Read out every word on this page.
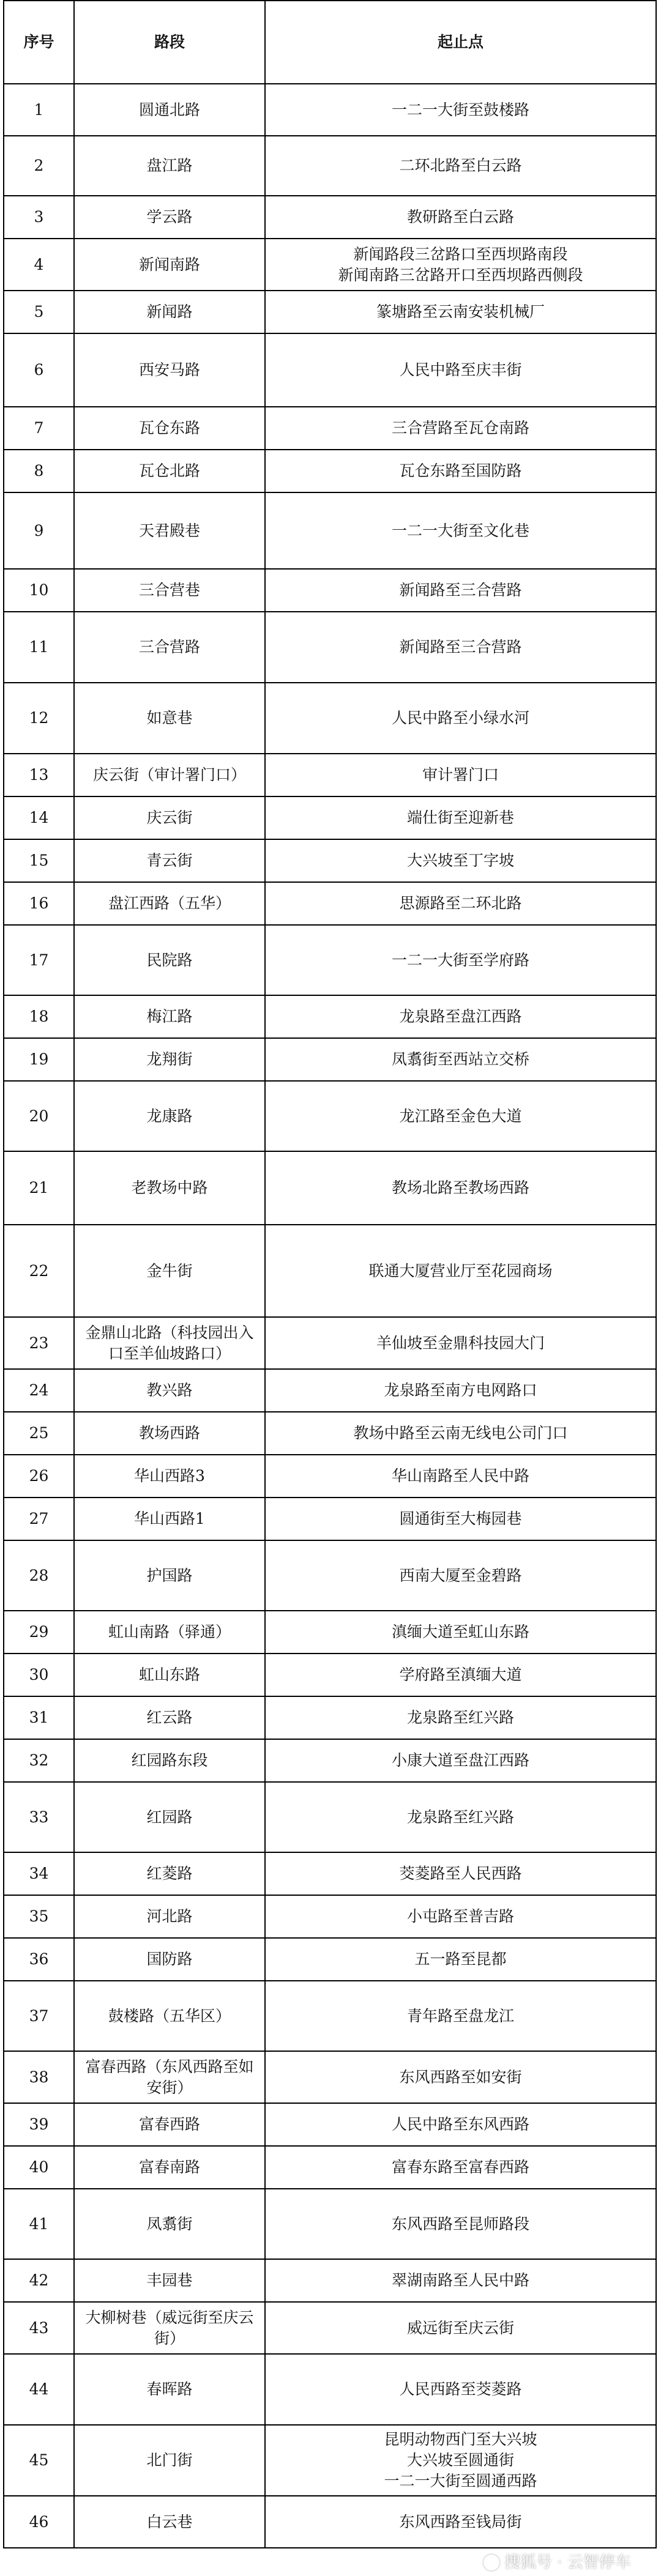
序号	路段	起止点
1	圆通北路	一二一大街至鼓楼路

2	盘江路	二环北路至白云路

3	学云路	教研路至白云路

4	新闻南路	新闻路段三岔路口至西坝路南段
新闻南路三岔路开口至西坝路西侧段

5	新闻路	篆塘路至云南安装机械厂

6	西安马路	人民中路至庆丰街

7	瓦仓东路	三合营路至瓦仓南路

8	瓦仓北路	瓦仓东路至国防路

9	天君殿巷	一二一大街至文化巷

10	三合营巷	新闻路至三合营路

11	三合营路	新闻路至三合营路

12	如意巷	人民中路至小绿水河

13	庆云街（审计署门口）	审计署门口

14	庆云街	端仕街至迎新巷

15	青云街	大兴坡至丁字坡

16	盘江西路（五华）	思源路至二环北路

17	民院路	一二一大街至学府路

18	梅江路	龙泉路至盘江西路

19	龙翔街	凤翥街至西站立交桥

20	龙康路	龙江路至金色大道

21	老教场中路	教场北路至教场西路

22	金牛街	联通大厦营业厅至花园商场

23	金鼎山北路（科技园出入口至羊仙坡路口）	羊仙坡至金鼎科技园大门

24	教兴路	龙泉路至南方电网路口

25	教场西路	教场中路至云南无线电公司门口

26	华山西路3	华山南路至人民中路

27	华山西路1	圆通街至大梅园巷

28	护国路	西南大厦至金碧路

29	虹山南路（驿通）	滇缅大道至虹山东路

30	虹山东路	学府路至滇缅大道

31	红云路	龙泉路至红兴路

32	红园路东段	小康大道至盘江西路

33	红园路	龙泉路至红兴路

34	红菱路	茭菱路至人民西路

35	河北路	小屯路至普吉路

36	国防路	五一路至昆都

37	鼓楼路（五华区）	青年路至盘龙江

38	富春西路（东风西路至如安街）	东风西路至如安街

39	富春西路	人民中路至东风西路

40	富春南路	富春东路至富春西路

41	凤翥街	东风西路至昆师路段

42	丰园巷	翠湖南路至人民中路

43	大柳树巷（威远街至庆云街）	威远街至庆云街

44	春晖路	人民西路至茭菱路

45	北门街	昆明动物西门至大兴坡
大兴坡至圆通街
一二一大街至圆通西路

46	白云巷	东风西路至钱局街
搜狐号 · 云智停车
